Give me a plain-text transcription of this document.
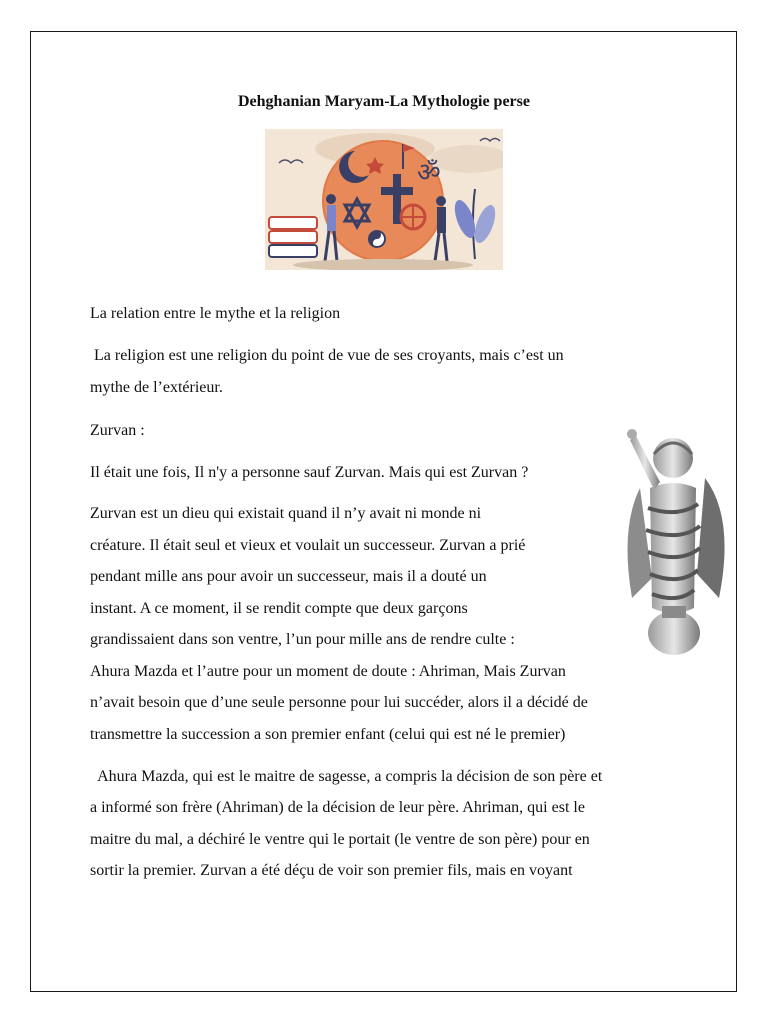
Dehghanian Maryam-La Mythologie perse
ॐ
La relation entre le mythe et la religion
La religion est une religion du point de vue de ses croyants, mais c’est un
mythe de l’extérieur.
Zurvan :
Il était une fois, Il n'y a personne sauf Zurvan. Mais qui est Zurvan ?
Zurvan est un dieu qui existait quand il n’y avait ni monde ni
créature. Il était seul et vieux et voulait un successeur. Zurvan a prié
pendant mille ans pour avoir un successeur, mais il a douté un
instant. A ce moment, il se rendit compte que deux garçons
grandissaient dans son ventre, l’un pour mille ans de rendre culte :
Ahura Mazda et l’autre pour un moment de doute : Ahriman, Mais Zurvan
n’avait besoin que d’une seule personne pour lui succéder, alors il a décidé de
transmettre la succession a son premier enfant (celui qui est né le premier)
Ahura Mazda, qui est le maitre de sagesse, a compris la décision de son père et
a informé son frère (Ahriman) de la décision de leur père. Ahriman, qui est le
maitre du mal, a déchiré le ventre qui le portait (le ventre de son père) pour en
sortir la premier. Zurvan a été déçu de voir son premier fils, mais en voyant
